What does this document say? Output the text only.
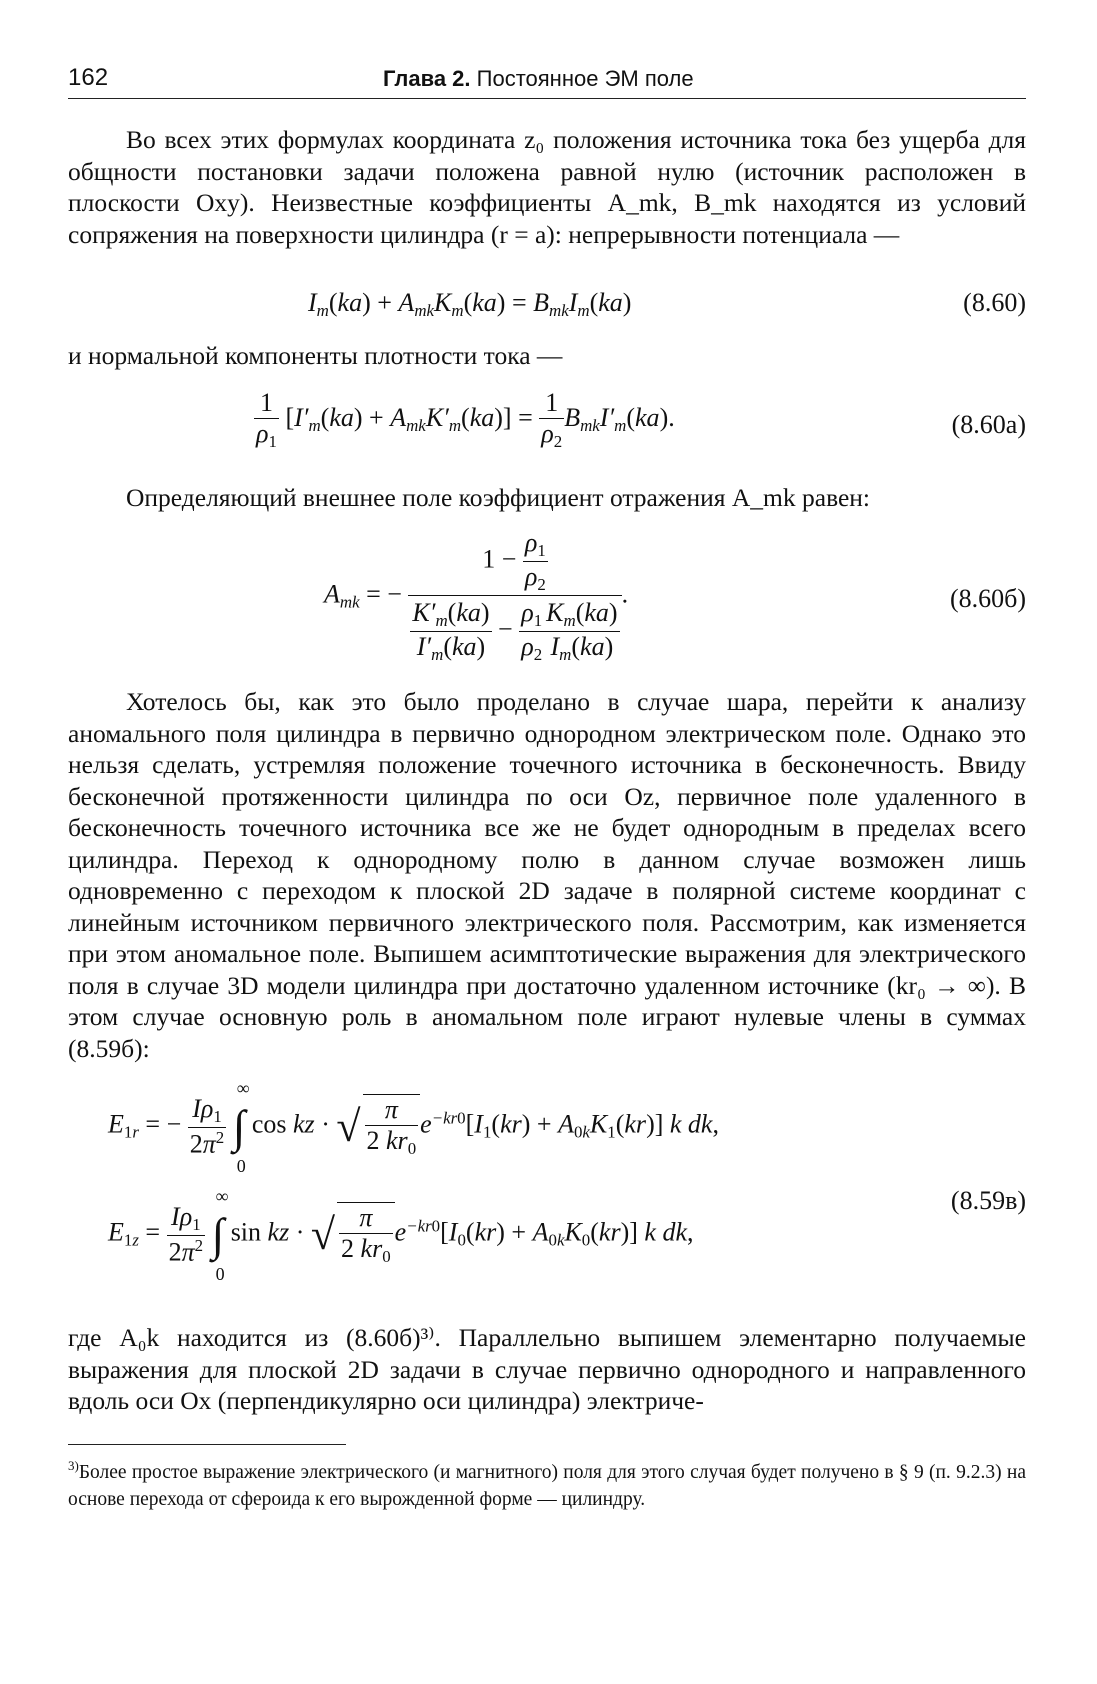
162	Глава 2. Постоянное ЭМ поле
Во всех этих формулах координата z₀ положения источника тока без ущерба для общности постановки задачи положена равной нулю (источник расположен в плоскости Oxy). Неизвестные коэффициенты A_mk, B_mk находятся из условий сопряжения на поверхности цилиндра (r = a): непрерывности потенциала —
$I_m(ka) + A_{mk}K_m(ka) = B_{mk}I_m(ka)$	(8.60)
и нормальной компоненты плотности тока —
$\frac{1}{\rho_1} [I'_m(ka) + A_{mk}K'_m(ka)] = \frac{1}{\rho_2} B_{mk}I'_m(ka)$.	(8.60а)
Определяющий внешнее поле коэффициент отражения A_mk равен:
$A_{mk}$ = − $\frac{1 - \frac{\rho_1}{\rho_2}}{\frac{K'_m(ka)}{I'_m(ka)} - \frac{\rho_1}{\rho_2} \frac{K_m(ka)}{I_m(ka)}}$ .	(8.60б)
Хотелось бы, как это было проделано в случае шара, перейти к анализу аномального поля цилиндра в первично однородном электрическом поле. Однако это нельзя сделать, устремляя положение точечного источника в бесконечность. Ввиду бесконечной протяженности цилиндра по оси Oz, первичное поле удаленного в бесконечность точечного источника все же не будет однородным в пределах всего цилиндра. Переход к однородному полю в данном случае возможен лишь одновременно с переходом к плоской 2D задаче в полярной системе координат с линейным источником первичного электрического поля. Рассмотрим, как изменяется при этом аномальное поле. Выпишем асимптотические выражения для электрического поля в случае 3D модели цилиндра при достаточно удаленном источнике (kr₀ → ∞). В этом случае основную роль в аномальном поле играют нулевые члены в суммах (8.59б):
$E_{1r}$ = − $\frac{I\rho_1}{2\pi^2}$ ∫
∞
0
cos kz · √ $\frac{\pi}{2 kr_0} e^{-kr0}[I_1(kr) + A_{0k}K_1(kr)]$ k dk,
$E_{1z} = \frac{I\rho_1}{2\pi^2}$ ∫
∞
0
sin kz · √ $\frac{\pi}{2 kr_0} e^{-kr0}[I_0(kr) + A_{0k}K_0(kr)]$ k dk,
(8.59в)
где A₀k находится из (8.60б)³⁾. Параллельно выпишем элементарно получаемые выражения для плоской 2D задачи в случае первично однородного и направленного вдоль оси Ox (перпендикулярно оси цилиндра) электриче-
$^{3)}$Более простое выражение электрического (и магнитного) поля для этого случая будет получено в § 9 (п. 9.2.3) на основе перехода от сфероида к его вырожденной форме — цилиндру.
